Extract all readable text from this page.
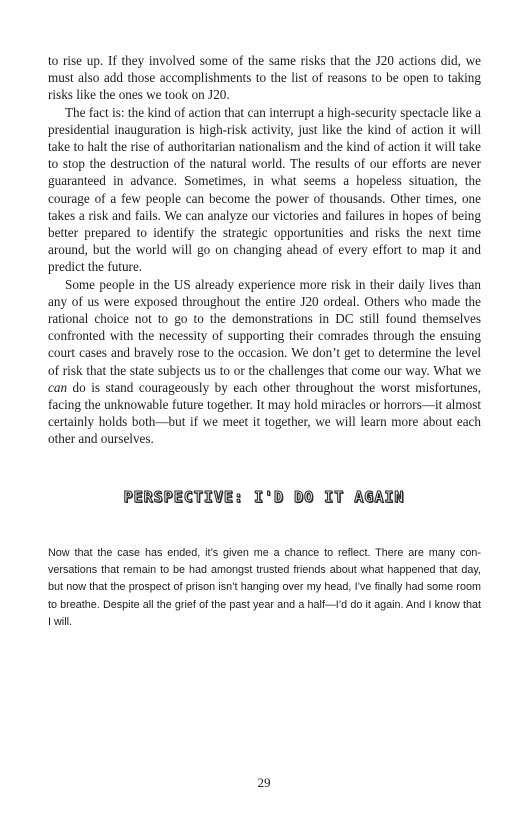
to rise up. If they involved some of the same risks that the J20 actions did, we must also add those accomplishments to the list of reasons to be open to taking risks like the ones we took on J20.

The fact is: the kind of action that can interrupt a high-security spectacle like a presidential inauguration is high-risk activity, just like the kind of action it will take to halt the rise of authoritarian nationalism and the kind of action it will take to stop the destruction of the natural world. The results of our efforts are never guaranteed in advance. Sometimes, in what seems a hopeless situation, the courage of a few people can become the power of thousands. Other times, one takes a risk and fails. We can analyze our victories and failures in hopes of being better prepared to identify the strategic opportunities and risks the next time around, but the world will go on changing ahead of every effort to map it and predict the future.

Some people in the US already experience more risk in their daily lives than any of us were exposed throughout the entire J20 ordeal. Others who made the rational choice not to go to the demonstrations in DC still found themselves confronted with the necessity of supporting their comrades through the ensuing court cases and bravely rose to the occasion. We don’t get to determine the level of risk that the state subjects us to or the challenges that come our way. What we can do is stand courageously by each other throughout the worst misfortunes, facing the unknowable future together. It may hold miracles or horrors—it almost certainly holds both—but if we meet it together, we will learn more about each other and ourselves.

PERSPECTIVE: I'D DO IT AGAIN

Now that the case has ended, it’s given me a chance to reflect. There are many conversations that remain to be had amongst trusted friends about what happened that day, but now that the prospect of prison isn’t hanging over my head, I’ve finally had some room to breathe. Despite all the grief of the past year and a half—I’d do it again. And I know that I will.

29
